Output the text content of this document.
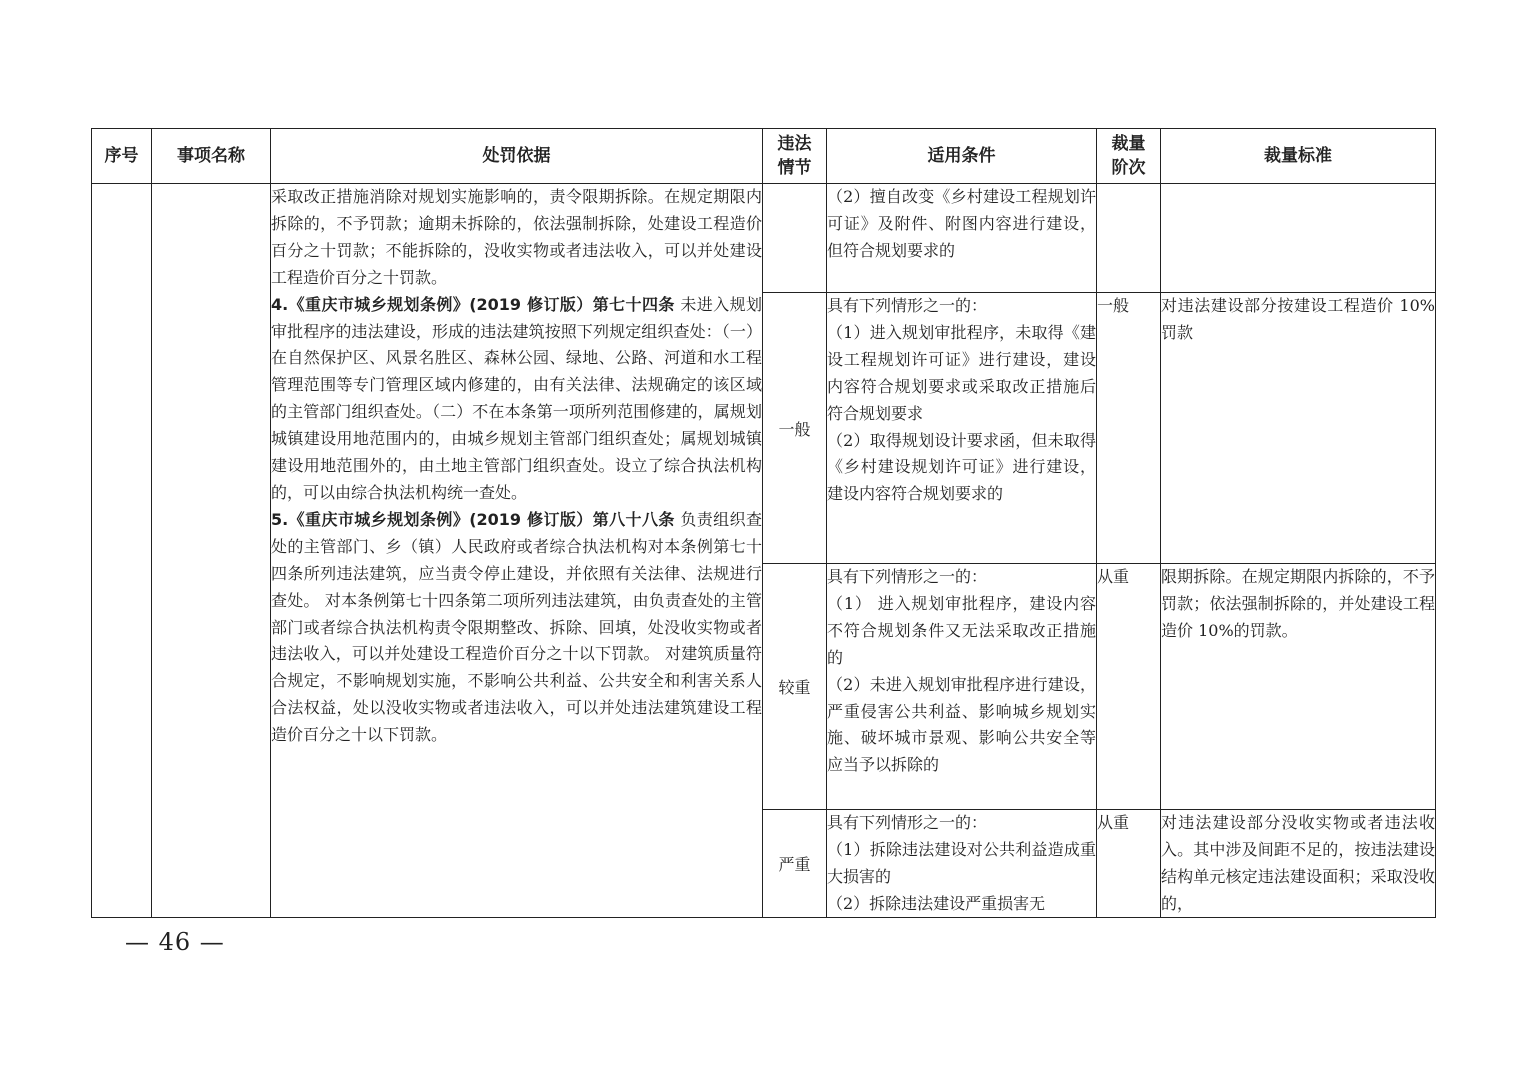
序号	事项名称	处罚依据	违法情节	适用条件	裁量阶次	裁量标准

		采取改正措施消除对规划实施影响的，责令限期拆除。在规定期限内拆除的，不予罚款；逾期未拆除的，依法强制拆除，处建设工程造价百分之十罚款；不能拆除的，没收实物或者违法收入，可以并处建设工程造价百分之十罚款。
4.《重庆市城乡规划条例》(2019 修订版）第七十四条 未进入规划审批程序的违法建设，形成的违法建筑按照下列规定组织查处：（一）在自然保护区、风景名胜区、森林公园、绿地、公路、河道和水工程管理范围等专门管理区域内修建的，由有关法律、法规确定的该区域的主管部门组织查处。（二）不在本条第一项所列范围修建的，属规划城镇建设用地范围内的，由城乡规划主管部门组织查处；属规划城镇建设用地范围外的，由土地主管部门组织查处。设立了综合执法机构的，可以由综合执法机构统一查处。
5.《重庆市城乡规划条例》(2019 修订版）第八十八条 负责组织查处的主管部门、乡（镇）人民政府或者综合执法机构对本条例第七十四条所列违法建筑，应当责令停止建设，并依照有关法律、法规进行查处。 对本条例第七十四条第二项所列违法建筑，由负责查处的主管部门或者综合执法机构责令限期整改、拆除、回填，处没收实物或者违法收入，可以并处建设工程造价百分之十以下罚款。 对建筑质量符合规定，不影响规划实施，不影响公共利益、公共安全和利害关系人合法权益，处以没收实物或者违法收入，可以并处违法建筑建设工程造价百分之十以下罚款。		（2）擅自改变《乡村建设工程规划许可证》及附件、附图内容进行建设，但符合规划要求的		

			一般	具有下列情形之一的：
（1）进入规划审批程序，未取得《建设工程规划许可证》进行建设，建设内容符合规划要求或采取改正措施后符合规划要求
（2）取得规划设计要求函，但未取得《乡村建设规划许可证》进行建设，建设内容符合规划要求的	一般	对违法建设部分按建设工程造价 10%罚款
			较重	具有下列情形之一的：
（1） 进入规划审批程序，建设内容不符合规划条件又无法采取改正措施的
（2）未进入规划审批程序进行建设，严重侵害公共利益、影响城乡规划实施、破坏城市景观、影响公共安全等应当予以拆除的	从重	限期拆除。在规定期限内拆除的，不予罚款；依法强制拆除的，并处建设工程造价 10%的罚款。
			严重	具有下列情形之一的：
（1）拆除违法建设对公共利益造成重大损害的
（2）拆除违法建设严重损害无	从重	对违法建设部分没收实物或者违法收入。其中涉及间距不足的，按违法建设结构单元核定违法建设面积；采取没收的，
— 46 —
